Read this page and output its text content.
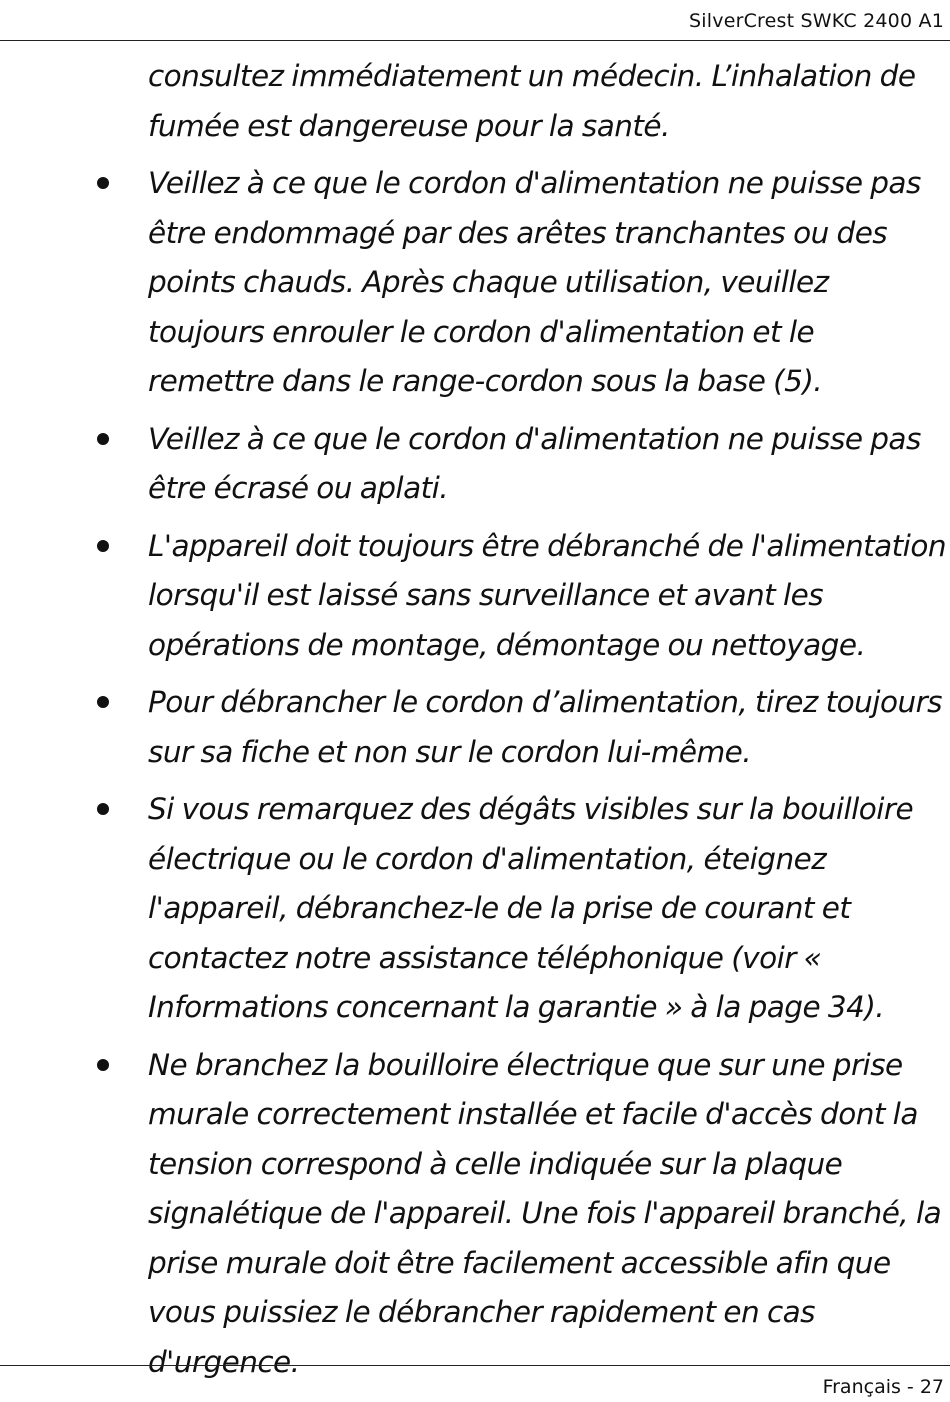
SilverCrest SWKC 2400 A1

consultez immédiatement un médecin. L’inhalation de fumée est dangereuse pour la santé.

Veillez à ce que le cordon d'alimentation ne puisse pas être endommagé par des arêtes tranchantes ou des points chauds. Après chaque utilisation, veuillez toujours enrouler le cordon d'alimentation et le remettre dans le range-cordon sous la base (5).
Veillez à ce que le cordon d'alimentation ne puisse pas être écrasé ou aplati.
L'appareil doit toujours être débranché de l'alimentation lorsqu'il est laissé sans surveillance et avant les opérations de montage, démontage ou nettoyage.
Pour débrancher le cordon d’alimentation, tirez toujours sur sa fiche et non sur le cordon lui-même.
Si vous remarquez des dégâts visibles sur la bouilloire électrique ou le cordon d'alimentation, éteignez l'appareil, débranchez-le de la prise de courant et contactez notre assistance téléphonique (voir « Informations concernant la garantie » à la page 34).
Ne branchez la bouilloire électrique que sur une prise murale correctement installée et facile d'accès dont la tension correspond à celle indiquée sur la plaque signalétique de l'appareil. Une fois l'appareil branché, la prise murale doit être facilement accessible afin que vous puissiez le débrancher rapidement en cas d'urgence.
Français - 27
